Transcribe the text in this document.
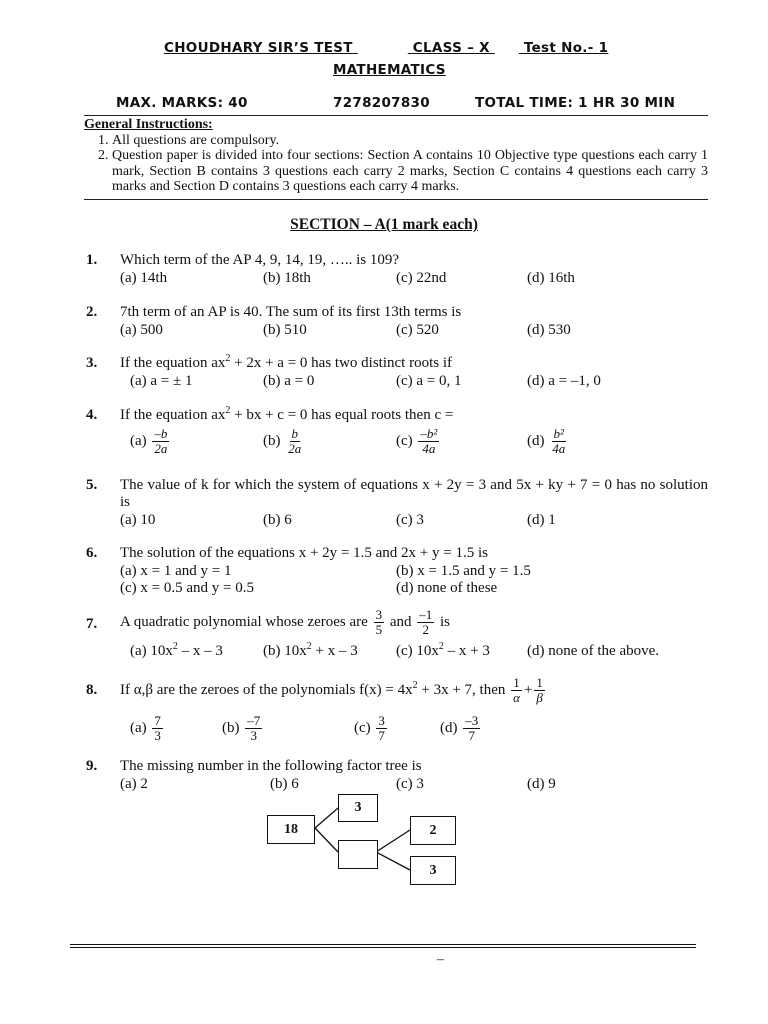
CHOUDHARY SIR’S TEST	CLASS – X	Test No.- 1
MATHEMATICS
MAX. MARKS: 40	7278207830	TOTAL TIME: 1 HR 30 MIN
General Instructions:
1. All questions are compulsory.
2. Question paper is divided into four sections: Section A contains 10 Objective type questions each carry 1 mark, Section B contains 3 questions each carry 2 marks, Section C contains 4 questions each carry 3 marks and Section D contains 3 questions each carry 4 marks.
SECTION – A(1 mark each)
1. Which term of the AP 4, 9, 14, 19, ….. is 109?
(a) 14th	(b) 18th	(c) 22nd	(d) 16th
2. 7th term of an AP is 40. The sum of its first 13th terms is
(a) 500	(b) 510	(c) 520	(d) 530
3. If the equation $ax^2 + 2x + a = 0$ has two distinct roots if
(a) a = ± 1	(b) a = 0	(c) a = 0, 1	(d) a = –1, 0
4. If the equation $ax^2$ + bx + c = 0 has equal roots then c =
$(a) \frac{-b}{2a}$	$(b) \frac{b}{2a}$	$(c) \frac{\text{–b²}}{4a}$	$(d) \frac{\text{b²}}{4a}$
5. The value of k for which the system of equations x + 2y = 3 and 5x + ky + 7 = 0 has no solution is
(a) 10	(b) 6	(c) 3	(d) 1
6. The solution of the equations x + 2y = 1.5 and 2x + y = 1.5 is
(a) x = 1 and y = 1	(b) x = 1.5 and y = 1.5
(c) x = 0.5 and y = 0.5	(d) none of these
7. A quadratic polynomial whose zeroes are $\frac{3}{5}$ and $\frac{-1}{2}$ is
(a) $10x^2$ – x – 3	(b) $10x^2 + x - 3$	(c) $10x^2 - x + 3$ (d) none of the above.
8. If α,β are the zeroes of the polynomials $f(x) = 4x^2 + 3x + 7$, then $\frac{1}{\alpha} + \frac{1}{\beta}$
$(a) \frac{7}{3}$	$(b) \frac{-7}{3}$	$(c) \frac{3}{7}$	$(d) \frac{-3}{7}$
9. The missing number in the following factor tree is
(a) 2	(b) 6	(c) 3	(d) 9
18
3
2
3
–
